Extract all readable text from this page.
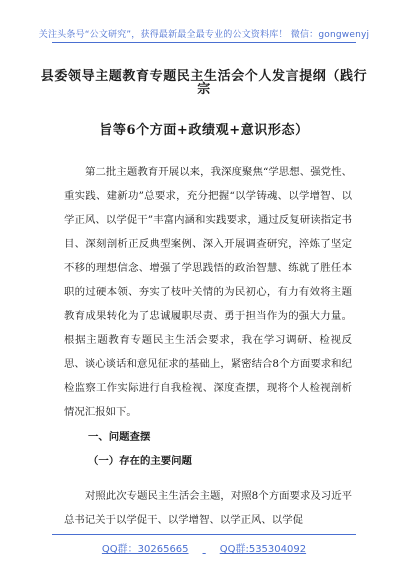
关注头条号“公文研究”，获得最新最全最专业的公文资料库！ 微信：gongwenyj
县委领导主题教育专题民主生活会个人发言提纲（践行宗
旨等6个方面+政绩观+意识形态）
第二批主题教育开展以来，我深度聚焦“学思想、强党性、重实践、建新功”总要求，充分把握“以学铸魂、以学增智、以学正风、以学促干”丰富内涵和实践要求，通过反复研读指定书目、深刻剖析正反典型案例、深入开展调查研究，淬炼了坚定不移的理想信念、增强了学思践悟的政治智慧、练就了胜任本职的过硬本领、夯实了枝叶关情的为民初心，有力有效将主题教育成果转化为了忠诚履职尽责、勇于担当作为的强大力量。根据主题教育专题民主生活会要求，我在学习调研、检视反思、谈心谈话和意见征求的基础上，紧密结合8个方面要求和纪检监察工作实际进行自我检视、深度查摆，现将个人检视剖析情况汇报如下。
一、问题查摆
（一）存在的主要问题
对照此次专题民主生活会主题，对照8个方面要求及习近平总书记关于以学促干、以学增智、以学正风、以学促
QQ群：30265665	QQ群:535304092
